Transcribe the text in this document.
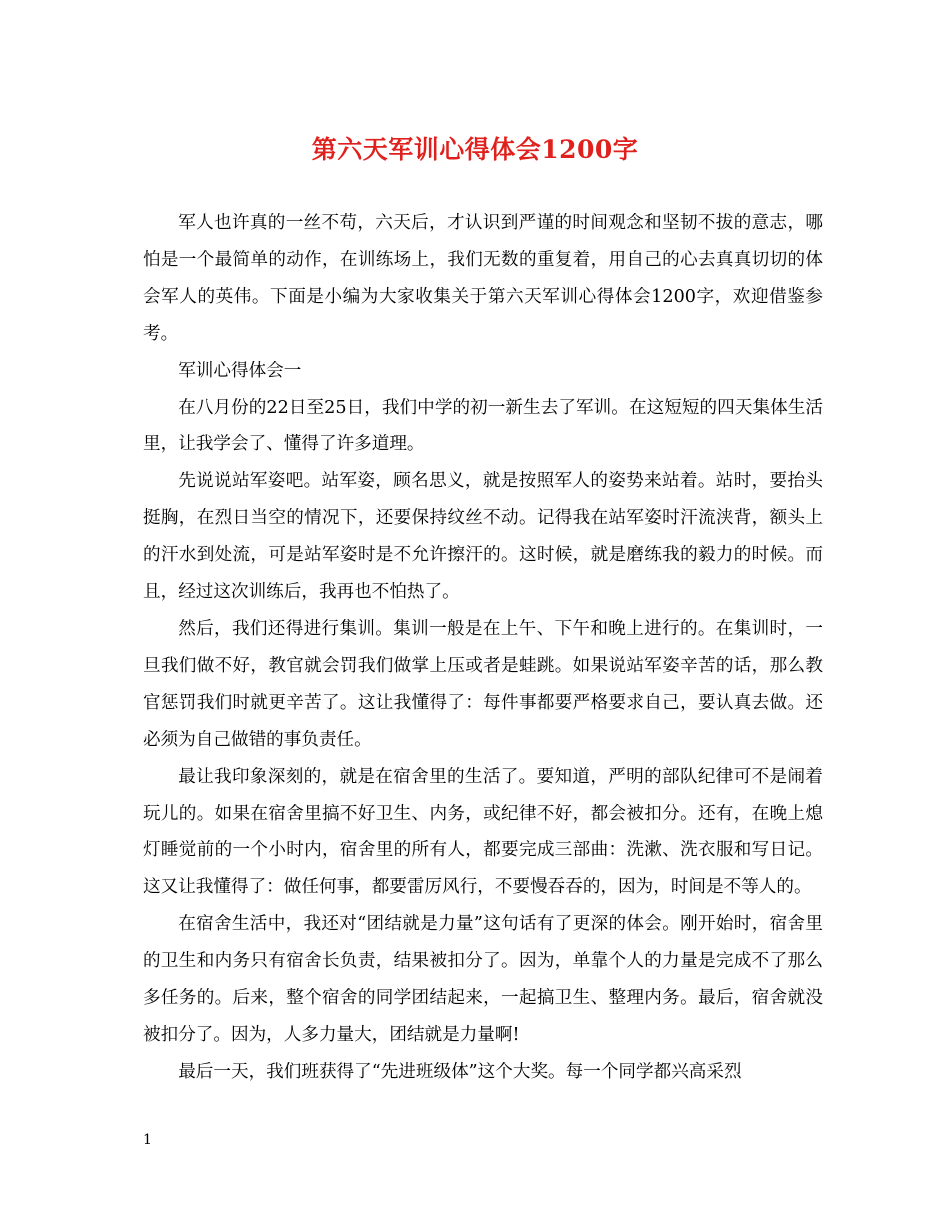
第六天军训心得体会1200字

军人也许真的一丝不苟，六天后，才认识到严谨的时间观念和坚韧不拔的意志，哪怕是一个最简单的动作，在训练场上，我们无数的重复着，用自己的心去真真切切的体会军人的英伟。下面是小编为大家收集关于第六天军训心得体会1200字，欢迎借鉴参考。

军训心得体会一

在八月份的22日至25日，我们中学的初一新生去了军训。在这短短的四天集体生活里，让我学会了、懂得了许多道理。

先说说站军姿吧。站军姿，顾名思义，就是按照军人的姿势来站着。站时，要抬头挺胸，在烈日当空的情况下，还要保持纹丝不动。记得我在站军姿时汗流浃背，额头上的汗水到处流，可是站军姿时是不允许擦汗的。这时候，就是磨练我的毅力的时候。而且，经过这次训练后，我再也不怕热了。

然后，我们还得进行集训。集训一般是在上午、下午和晚上进行的。在集训时，一旦我们做不好，教官就会罚我们做掌上压或者是蛙跳。如果说站军姿辛苦的话，那么教官惩罚我们时就更辛苦了。这让我懂得了：每件事都要严格要求自己，要认真去做。还必须为自己做错的事负责任。

最让我印象深刻的，就是在宿舍里的生活了。要知道，严明的部队纪律可不是闹着玩儿的。如果在宿舍里搞不好卫生、内务，或纪律不好，都会被扣分。还有，在晚上熄灯睡觉前的一个小时内，宿舍里的所有人，都要完成三部曲：洗漱、洗衣服和写日记。这又让我懂得了：做任何事，都要雷厉风行，不要慢吞吞的，因为，时间是不等人的。

在宿舍生活中，我还对“团结就是力量”这句话有了更深的体会。刚开始时，宿舍里的卫生和内务只有宿舍长负责，结果被扣分了。因为，单靠个人的力量是完成不了那么多任务的。后来，整个宿舍的同学团结起来，一起搞卫生、整理内务。最后，宿舍就没被扣分了。因为，人多力量大，团结就是力量啊!

最后一天，我们班获得了“先进班级体”这个大奖。每一个同学都兴高采烈

1
